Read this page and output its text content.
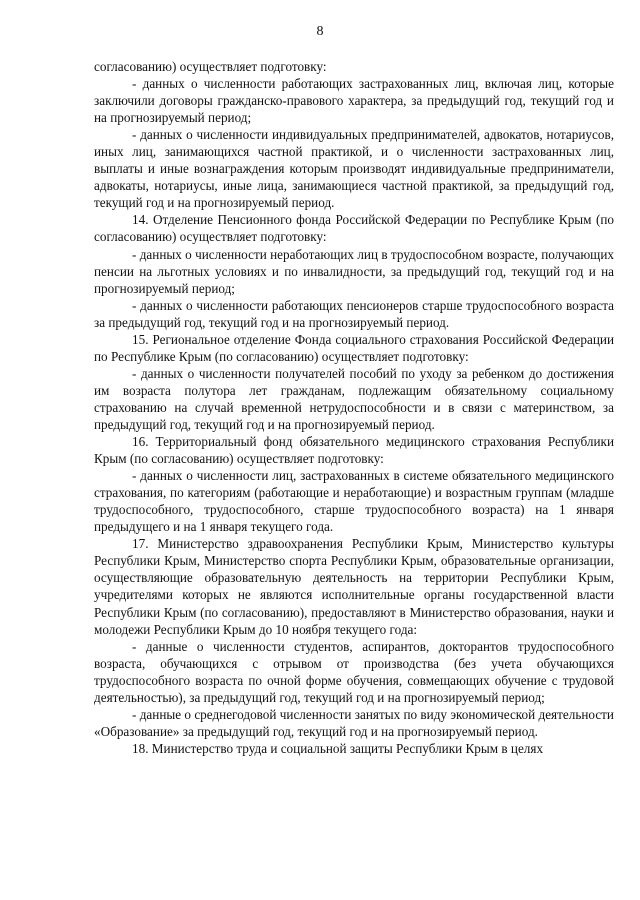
8

согласованию) осуществляет подготовку:

- данных о численности работающих застрахованных лиц, включая лиц, которые заключили договоры гражданско-правового характера, за предыдущий год, текущий год и на прогнозируемый период;

- данных о численности индивидуальных предпринимателей, адвокатов, нотариусов, иных лиц, занимающихся частной практикой, и о численности застрахованных лиц, выплаты и иные вознаграждения которым производят индивидуальные предприниматели, адвокаты, нотариусы, иные лица, занимающиеся частной практикой, за предыдущий год, текущий год и на прогнозируемый период.

14. Отделение Пенсионного фонда Российской Федерации по Республике Крым (по согласованию) осуществляет подготовку:

- данных о численности неработающих лиц в трудоспособном возрасте, получающих пенсии на льготных условиях и по инвалидности, за предыдущий год, текущий год и на прогнозируемый период;

- данных о численности работающих пенсионеров старше трудоспособного возраста за предыдущий год, текущий год и на прогнозируемый период.

15. Региональное отделение Фонда социального страхования Российской Федерации по Республике Крым (по согласованию) осуществляет подготовку:

- данных о численности получателей пособий по уходу за ребенком до достижения им возраста полутора лет гражданам, подлежащим обязательному социальному страхованию на случай временной нетрудоспособности и в связи с материнством, за предыдущий год, текущий год и на прогнозируемый период.

16. Территориальный фонд обязательного медицинского страхования Республики Крым (по согласованию) осуществляет подготовку:

- данных о численности лиц, застрахованных в системе обязательного медицинского страхования, по категориям (работающие и неработающие) и возрастным группам (младше трудоспособного, трудоспособного, старше трудоспособного возраста) на 1 января предыдущего и на 1 января текущего года.

17. Министерство здравоохранения Республики Крым, Министерство культуры Республики Крым, Министерство спорта Республики Крым, образовательные организации, осуществляющие образовательную деятельность на территории Республики Крым, учредителями которых не являются исполнительные органы государственной власти Республики Крым (по согласованию), предоставляют в Министерство образования, науки и молодежи Республики Крым до 10 ноября текущего года:

- данные о численности студентов, аспирантов, докторантов трудоспособного возраста, обучающихся с отрывом от производства (без учета обучающихся трудоспособного возраста по очной форме обучения, совмещающих обучение с трудовой деятельностью), за предыдущий год, текущий год и на прогнозируемый период;

- данные о среднегодовой численности занятых по виду экономической деятельности «Образование» за предыдущий год, текущий год и на прогнозируемый период.

18. Министерство труда и социальной защиты Республики Крым в целях
